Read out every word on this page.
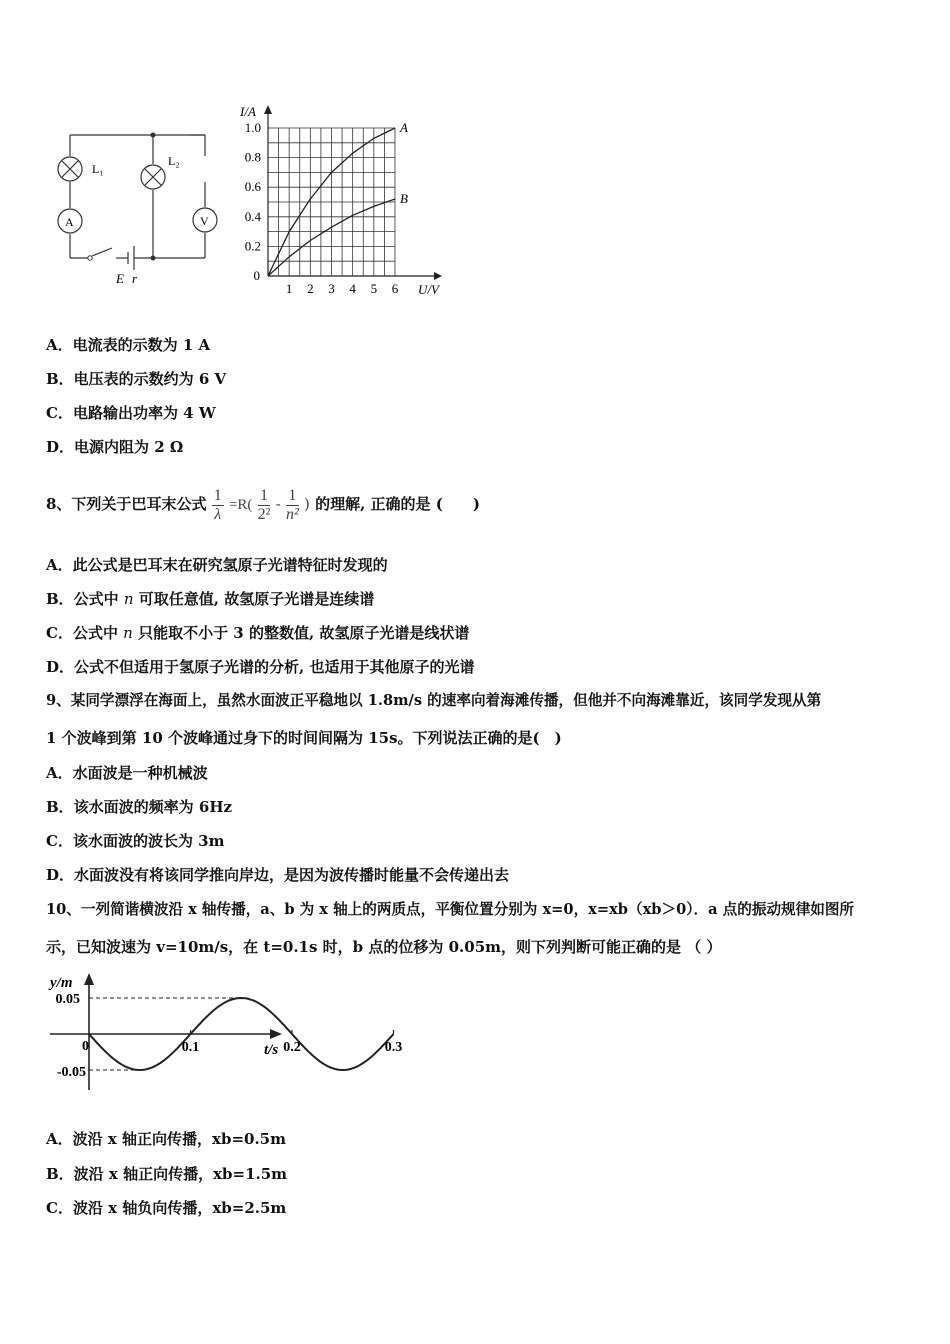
L₁
L₂
A	V
E r
1 2 3 4 5 6
0.2
0.4
0.6
0.8
1.0
0
U/V
I/A
A
B
A．电流表的示数为 1 A
B．电压表的示数约为 6 V
C．电路输出功率为 4 W
D．电源内阻为 2 Ω
8、下列关于巴耳末公式 $\frac{1}{\lambda} =R( \frac{1}{\text{2²}} - \frac{1}{\text{n²}}$ ) 的理解, 正确的是 (　　)
A．此公式是巴耳末在研究氢原子光谱特征时发现的
B．公式中 n 可取任意值, 故氢原子光谱是连续谱
C．公式中 n 只能取不小于 3 的整数值, 故氢原子光谱是线状谱
D．公式不但适用于氢原子光谱的分析, 也适用于其他原子的光谱
9、某同学漂浮在海面上，虽然水面波正平稳地以 1.8m/s 的速率向着海滩传播，但他并不向海滩靠近，该同学发现从第
1 个波峰到第 10 个波峰通过身下的时间间隔为 15s。下列说法正确的是(　)
A．水面波是一种机械波
B．该水面波的频率为 6Hz
C．该水面波的波长为 3m
D．水面波没有将该同学推向岸边，是因为波传播时能量不会传递出去
10、一列简谐横波沿 x 轴传播，a、b 为 x 轴上的两质点，平衡位置分别为 x=0，x=xb（xb＞0）．a 点的振动规律如图所
示，已知波速为 v=10m/s，在 t=0.1s 时，b 点的位移为 0.05m，则下列判断可能正确的是 （ ）
0.05
-0.05
0	0.1	0.2	0.3
t/s
y/m
A．波沿 x 轴正向传播，xb=0.5m
B．波沿 x 轴正向传播，xb=1.5m
C．波沿 x 轴负向传播，xb=2.5m
